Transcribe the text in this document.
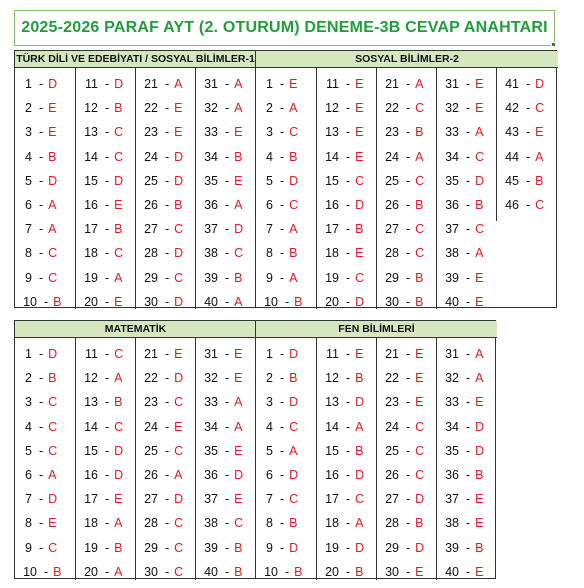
2025-2026 PARAF AYT (2. OTURUM) DENEME-3B CEVAP ANAHTARI
TÜRK DİLİ VE EDEBİYATI / SOSYAL BİLİMLER-1
1 - D
2 - E
3 - E
4 - B
5 - D
6 - A
7 - A
8 - C
9 - C
10 - B
11 - D
12 - B
13 - C
14 - C
15 - D
16 - E
17 - B
18 - C
19 - A
20 - E
21 - A
22 - E
23 - E
24 - D
25 - D
26 - B
27 - C
28 - D
29 - C
30 - D
31 - A
32 - A
33 - E
34 - B
35 - E
36 - A
37 - D
38 - C
39 - B
40 - A
SOSYAL BİLİMLER-2
1 - E
2 - A
3 - C
4 - B
5 - D
6 - C
7 - A
8 - B
9 - A
10 - B
11 - E
12 - E
13 - E
14 - E
15 - C
16 - D
17 - B
18 - E
19 - C
20 - D
21 - A
22 - C
23 - B
24 - A
25 - C
26 - B
27 - C
28 - C
29 - B
30 - B
31 - E
32 - E
33 - A
34 - C
35 - D
36 - B
37 - C
38 - A
39 - E
40 - E
41 - D
42 - C
43 - E
44 - A
45 - B
46 - C
MATEMATİK
1 - D
2 - B
3 - C
4 - C
5 - C
6 - A
7 - D
8 - E
9 - C
10 - B
11 - C
12 - A
13 - B
14 - C
15 - D
16 - D
17 - E
18 - A
19 - B
20 - A
21 - E
22 - D
23 - C
24 - E
25 - C
26 - A
27 - D
28 - C
29 - C
30 - C
31 - E
32 - E
33 - A
34 - A
35 - E
36 - D
37 - E
38 - C
39 - B
40 - B
FEN BİLİMLERİ
1 - D
2 - B
3 - D
4 - C
5 - A
6 - D
7 - C
8 - B
9 - D
10 - B
11 - E
12 - B
13 - D
14 - A
15 - B
16 - D
17 - C
18 - A
19 - D
20 - B
21 - E
22 - E
23 - E
24 - C
25 - C
26 - C
27 - D
28 - B
29 - D
30 - E
31 - A
32 - A
33 - E
34 - D
35 - D
36 - B
37 - E
38 - E
39 - B
40 - E
